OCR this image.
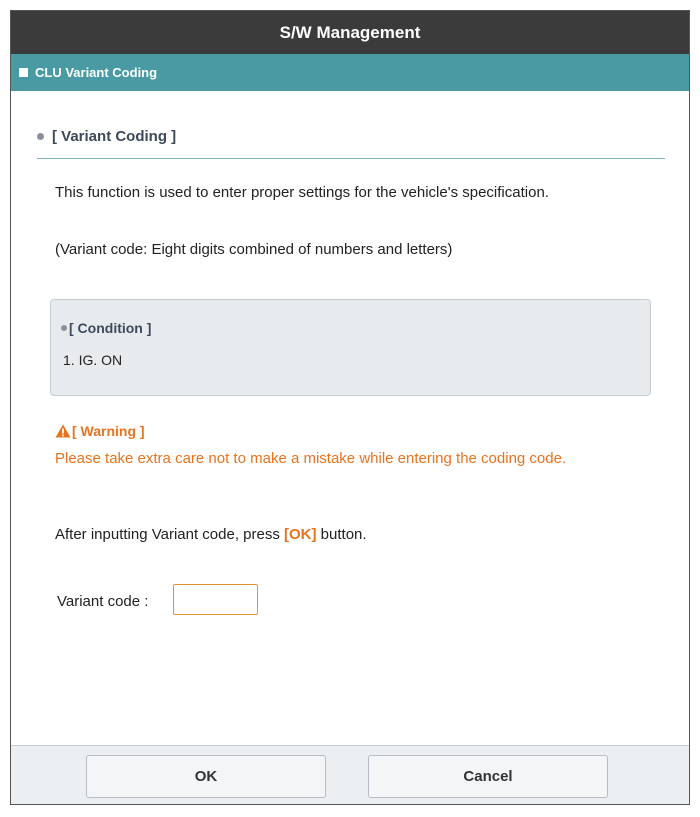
S/W Management
CLU Variant Coding
[ Variant Coding ]
This function is used to enter proper settings for the vehicle's specification.
(Variant code: Eight digits combined of numbers and letters)
[ Condition ]
1. IG. ON
[ Warning ]
Please take extra care not to make a mistake while entering the coding code.
After inputting Variant code, press [OK] button.
Variant code :
OK	Cancel
